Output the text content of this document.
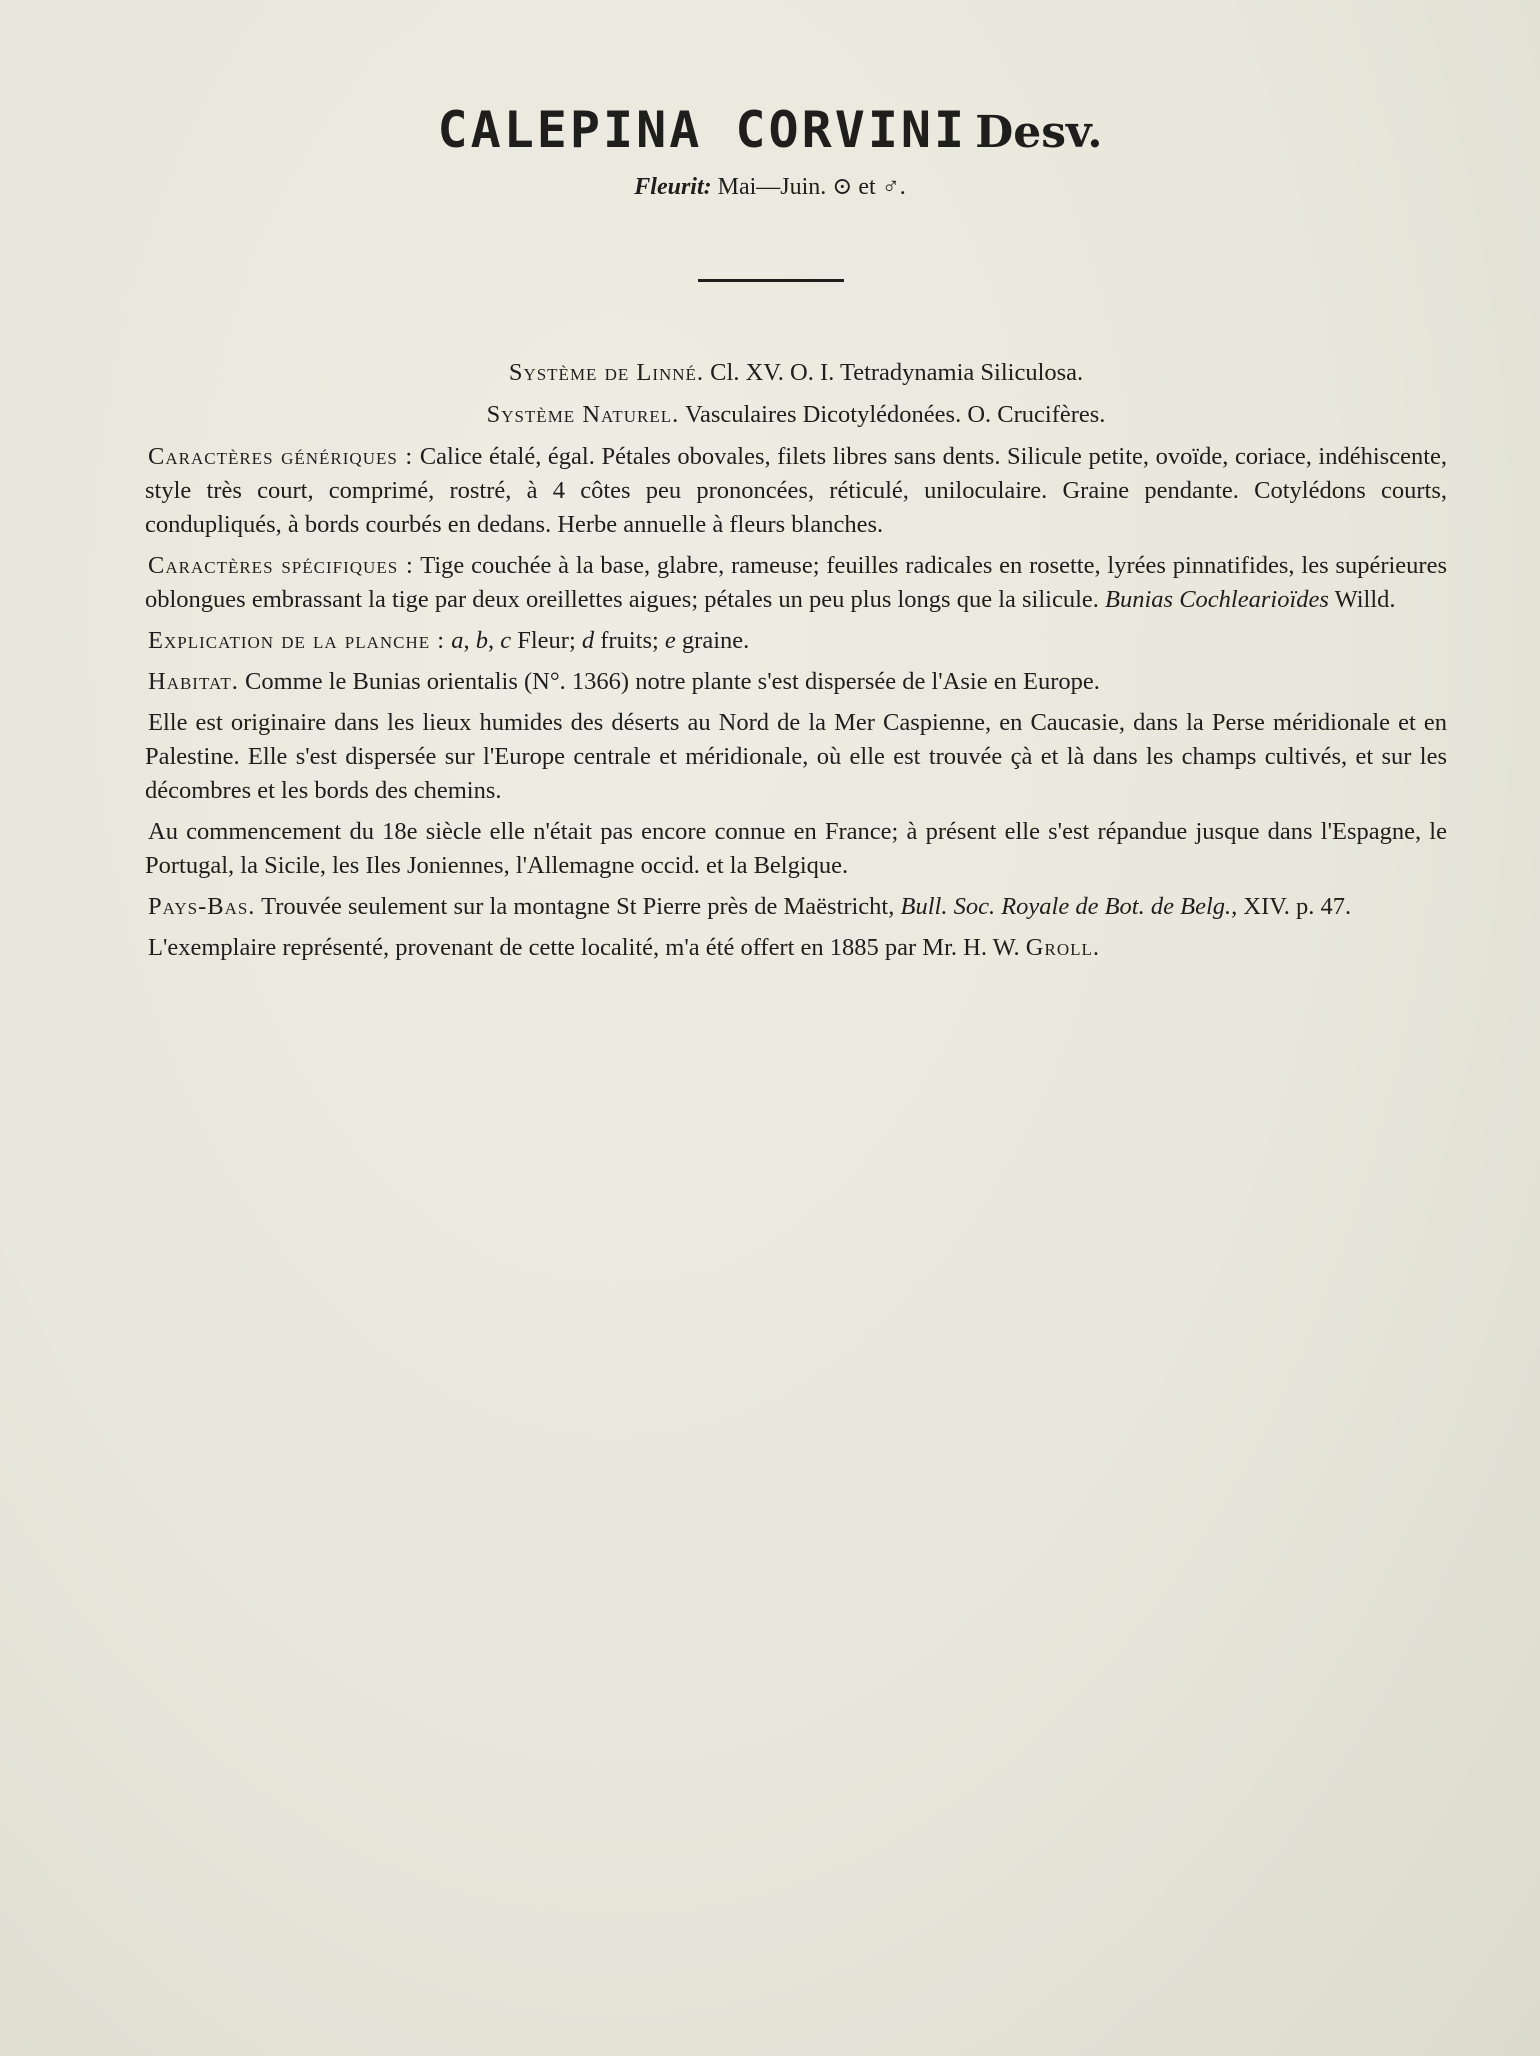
CALEPINA CORVINI Desv.
Fleurit: Mai—Juin. ⊙ et ♂.

Système de Linné. Cl. XV. O. I. Tetradynamia Siliculosa.

Système Naturel. Vasculaires Dicotylédonées. O. Crucifères.

Caractères génériques : Calice étalé, égal. Pétales obovales, filets libres sans dents. Silicule petite, ovoïde, coriace, indéhiscente, style très court, comprimé, rostré, à 4 côtes peu prononcées, réticulé, uniloculaire. Graine pendante. Cotylédons courts, condupliqués, à bords courbés en dedans. Herbe annuelle à fleurs blanches.

Caractères spécifiques : Tige couchée à la base, glabre, rameuse; feuilles radicales en rosette, lyrées pinnatifides, les supérieures oblongues embrassant la tige par deux oreillettes aigues; pétales un peu plus longs que la silicule. Bunias Cochlearioïdes Willd.

Explication de la planche : a, b, c Fleur; d fruits; e graine.

Habitat. Comme le Bunias orientalis (N°. 1366) notre plante s'est dispersée de l'Asie en Europe.

Elle est originaire dans les lieux humides des déserts au Nord de la Mer Caspienne, en Caucasie, dans la Perse méridionale et en Palestine. Elle s'est dispersée sur l'Europe centrale et méridionale, où elle est trouvée çà et là dans les champs cultivés, et sur les décombres et les bords des chemins.

Au commencement du 18e siècle elle n'était pas encore connue en France; à présent elle s'est répandue jusque dans l'Espagne, le Portugal, la Sicile, les Iles Joniennes, l'Allemagne occid. et la Belgique.

Pays-Bas. Trouvée seulement sur la montagne St Pierre près de Maëstricht, Bull. Soc. Royale de Bot. de Belg., XIV. p. 47.

L'exemplaire représenté, provenant de cette localité, m'a été offert en 1885 par Mr. H. W. Groll.
